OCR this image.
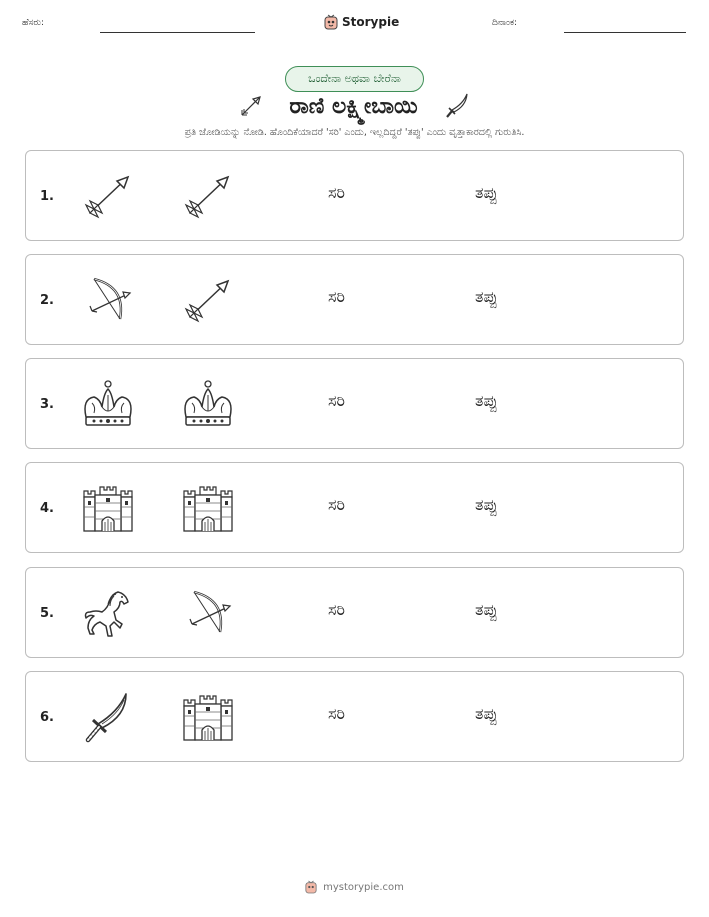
ಹೆಸರು:	Storypie	ದಿನಾಂಕ:
ಒಂದೇನಾ ಅಥವಾ ಬೇರೆನಾ
ರಾಣಿ ಲಕ್ಷ್ಮೀಬಾಯಿ
ಪ್ರತಿ ಜೋಡಿಯನ್ನು ನೋಡಿ. ಹೊಂದಿಕೆಯಾದರೆ 'ಸರಿ' ಎಂದು, ಇಲ್ಲದಿದ್ದರೆ 'ತಪ್ಪು' ಎಂದು ವೃತ್ತಾಕಾರದಲ್ಲಿ ಗುರುತಿಸಿ.
1.	ಸರಿ	ತಪ್ಪು
2.	ಸರಿ	ತಪ್ಪು
3.	ಸರಿ	ತಪ್ಪು
4.	ಸರಿ	ತಪ್ಪು
5.	ಸರಿ	ತಪ್ಪು
6.	ಸರಿ	ತಪ್ಪು
mystorypie.com
